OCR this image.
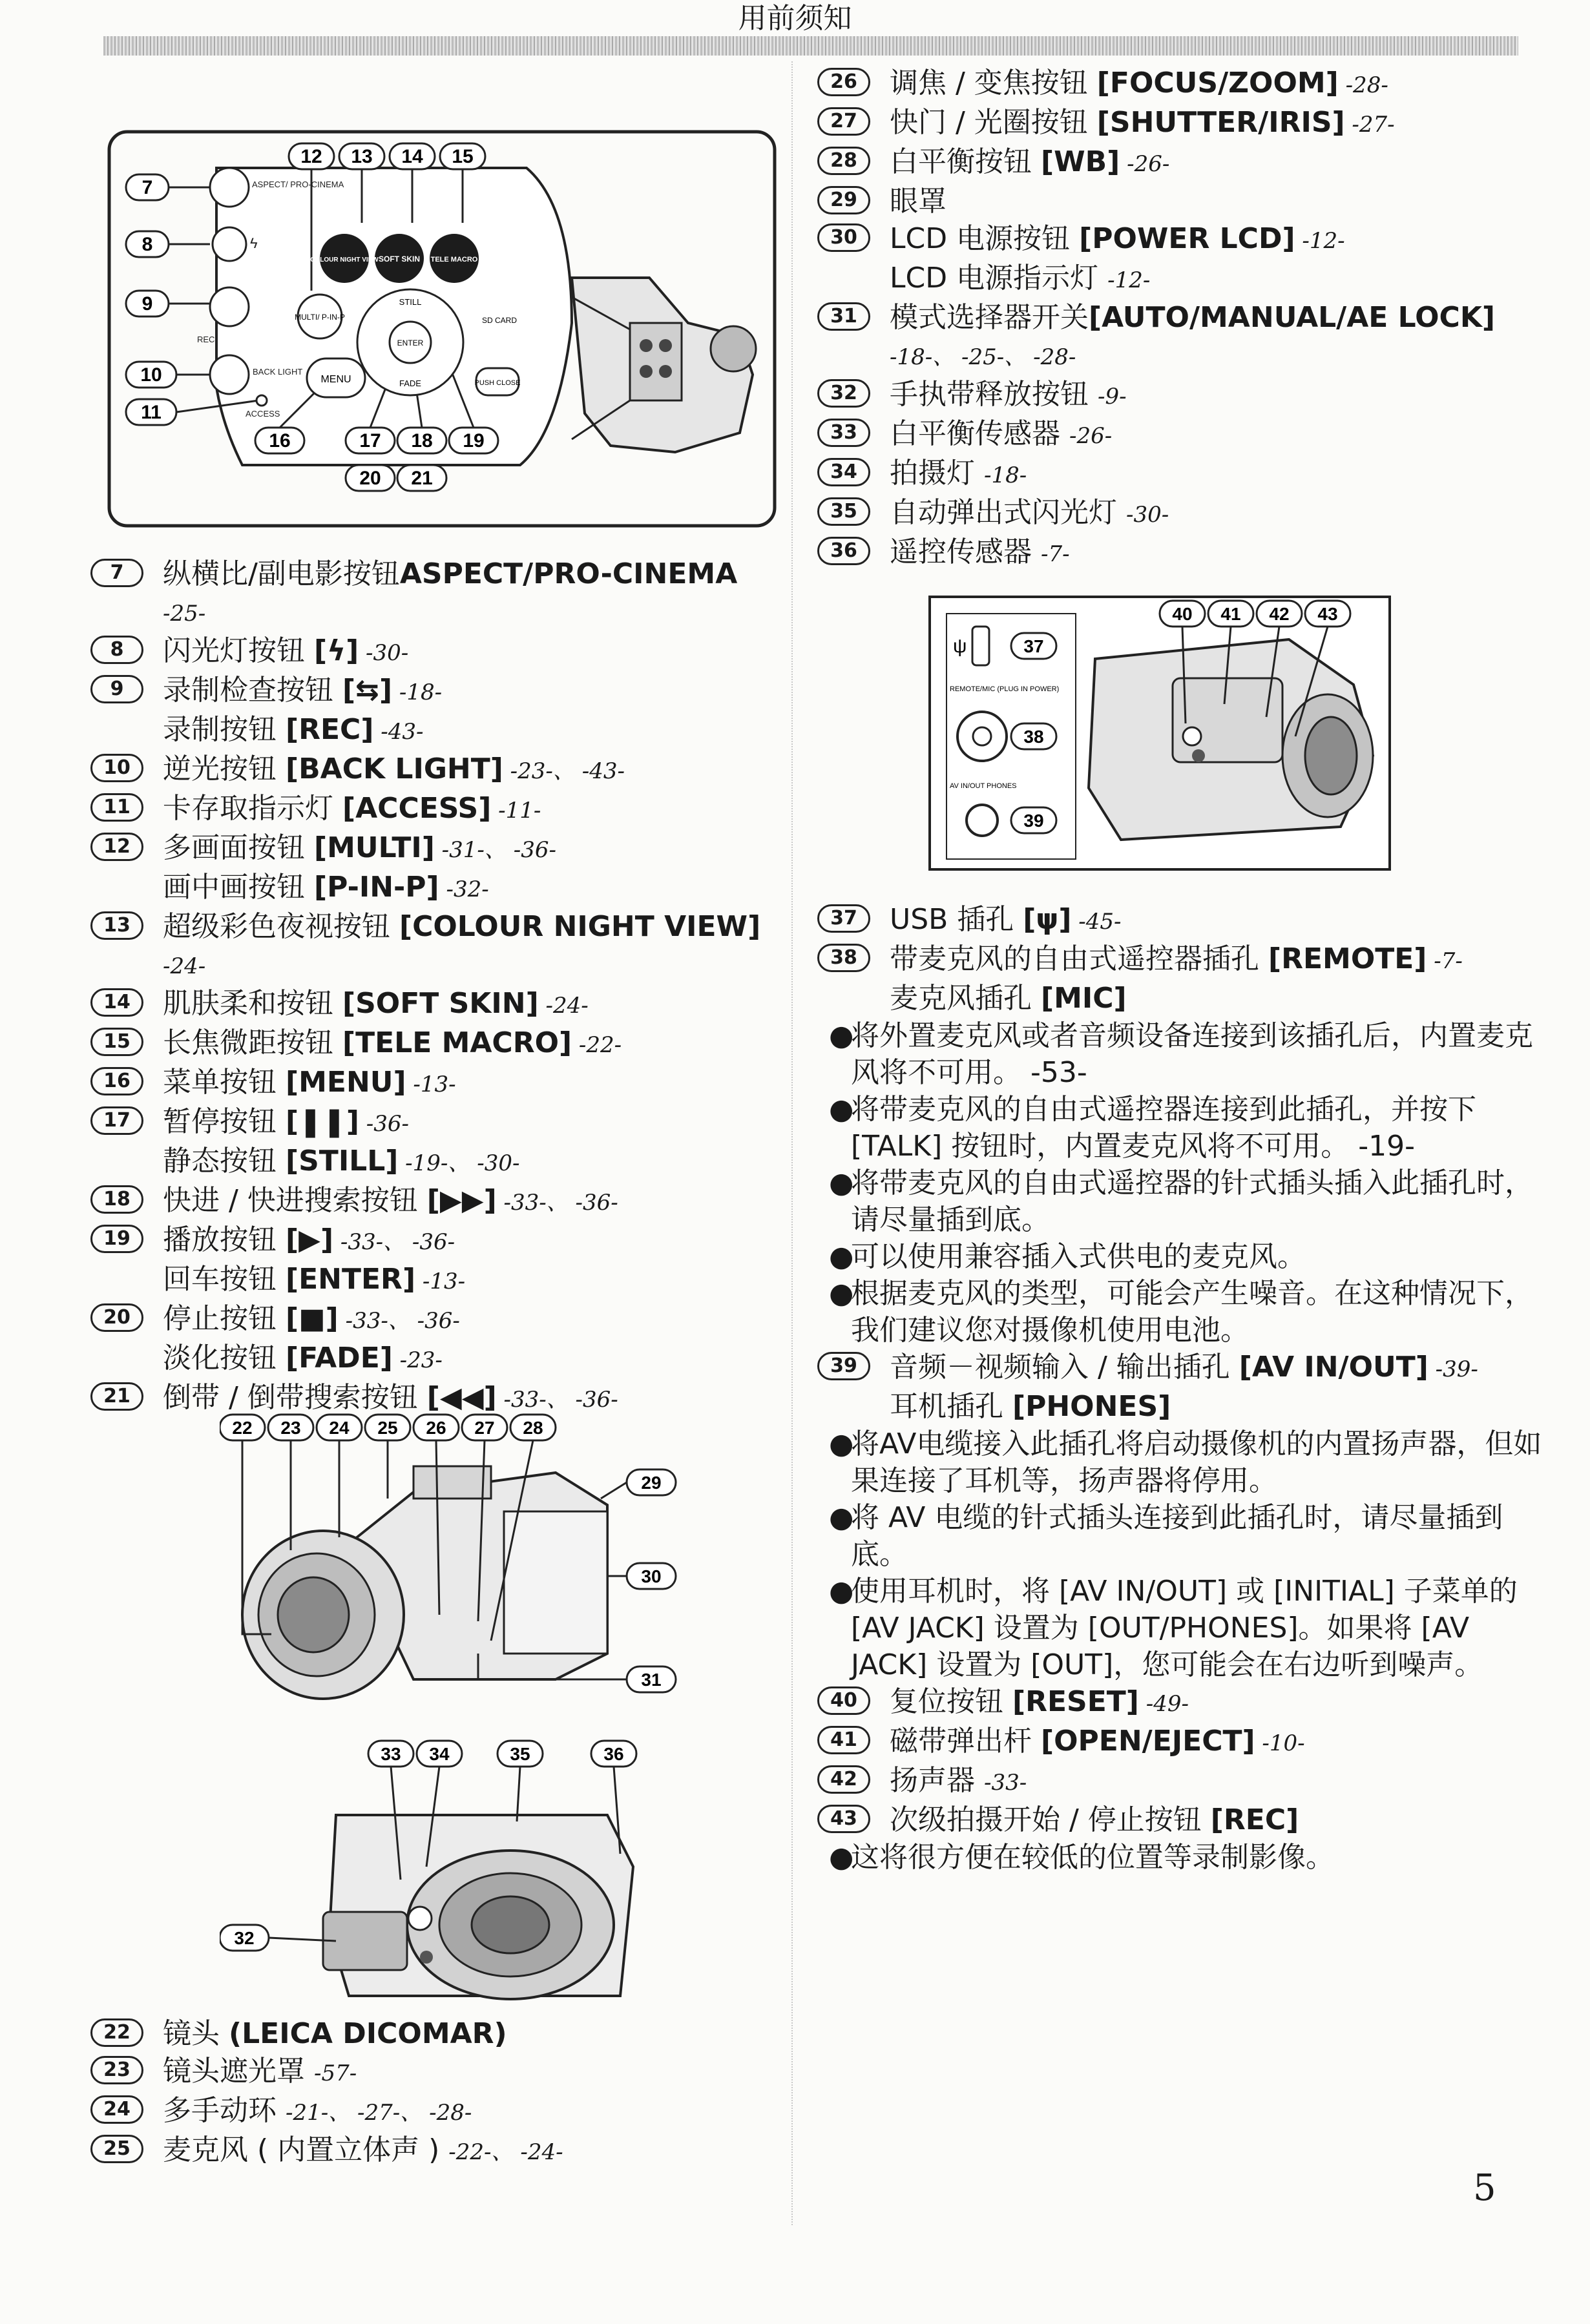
用前须知
12 13 14 15
7
8
9
10
11
16	17 18 19
20 21
ASPECT/ PRO-CINEMA
ϟ
REC
BACK LIGHT
ACCESS
COLOUR NIGHT VIEW SOFT SKIN TELE MACRO
MULTI/ P-IN-P
MENU
ENTER
STILL
FADE
SD CARD
PUSH CLOSE
7	纵横比/副电影按钮ASPECT/PRO-CINEMA
-25-
8	闪光灯按钮 [ϟ] -30-
9	录制检查按钮 [⇆] -18-
录制按钮 [REC] -43-
10	逆光按钮 [BACK LIGHT] -23-、 -43-
11	卡存取指示灯 [ACCESS] -11-
12	多画面按钮 [MULTI] -31-、 -36-
画中画按钮 [P-IN-P] -32-
13	超级彩色夜视按钮 [COLOUR NIGHT VIEW]
-24-
14	肌肤柔和按钮 [SOFT SKIN] -24-
15	长焦微距按钮 [TELE MACRO] -22-
16	菜单按钮 [MENU] -13-
17	暂停按钮 [❚❚] -36-
静态按钮 [STILL] -19-、 -30-
18	快进 / 快进搜索按钮 [▶▶] -33-、 -36-
19	播放按钮 [▶] -33-、 -36-
回车按钮 [ENTER] -13-
20	停止按钮 [■] -33-、 -36-
淡化按钮 [FADE] -23-
21	倒带 / 倒带搜索按钮 [◀◀] -33-、 -36-
22 23 24 25 26 27 28
29
30
31
33 34	35	36
32
22	镜头 (LEICA DICOMAR)
23	镜头遮光罩 -57-
24	多手动环 -21-、 -27-、 -28-
25	麦克风 ( 内置立体声 ) -22-、 -24-
26	调焦 / 变焦按钮 [FOCUS/ZOOM] -28-
27	快门 / 光圈按钮 [SHUTTER/IRIS] -27-
28	白平衡按钮 [WB] -26-
29	眼罩
30	LCD 电源按钮 [POWER LCD] -12-
LCD 电源指示灯 -12-
31	模式选择器开关[AUTO/MANUAL/AE LOCK]
-18-、 -25-、 -28-
32	手执带释放按钮 -9-
33	白平衡传感器 -26-
34	拍摄灯 -18-
35	自动弹出式闪光灯 -30-
36	遥控传感器 -7-
ψ
REMOTE/MIC (PLUG IN POWER)
AV IN/OUT PHONES
37
38
39
40 41 42 43
37	USB 插孔 [ψ] -45-
38	带麦克风的自由式遥控器插孔 [REMOTE] -7-
麦克风插孔 [MIC]
●
将外置麦克风或者音频设备连接到该插孔后，内置麦克风将不可用。 -53-
●
将带麦克风的自由式遥控器连接到此插孔，并按下 [TALK] 按钮时，内置麦克风将不可用。 -19-
●
将带麦克风的自由式遥控器的针式插头插入此插孔时，请尽量插到底。
●
可以使用兼容插入式供电的麦克风。
●
根据麦克风的类型，可能会产生噪音。在这种情况下，我们建议您对摄像机使用电池。
39	音频－视频输入 / 输出插孔 [AV IN/OUT] -39-
耳机插孔 [PHONES]
●
将AV电缆接入此插孔将启动摄像机的内置扬声器，但如果连接了耳机等，扬声器将停用。
●
将 AV 电缆的针式插头连接到此插孔时，请尽量插到底。
●
使用耳机时，将 [AV IN/OUT] 或 [INITIAL] 子菜单的 [AV JACK] 设置为 [OUT/PHONES]。如果将 [AV JACK] 设置为 [OUT]，您可能会在右边听到噪声。
40	复位按钮 [RESET] -49-
41	磁带弹出杆 [OPEN/EJECT] -10-
42	扬声器 -33-
43	次级拍摄开始 / 停止按钮 [REC]
●
这将很方便在较低的位置等录制影像。
5
